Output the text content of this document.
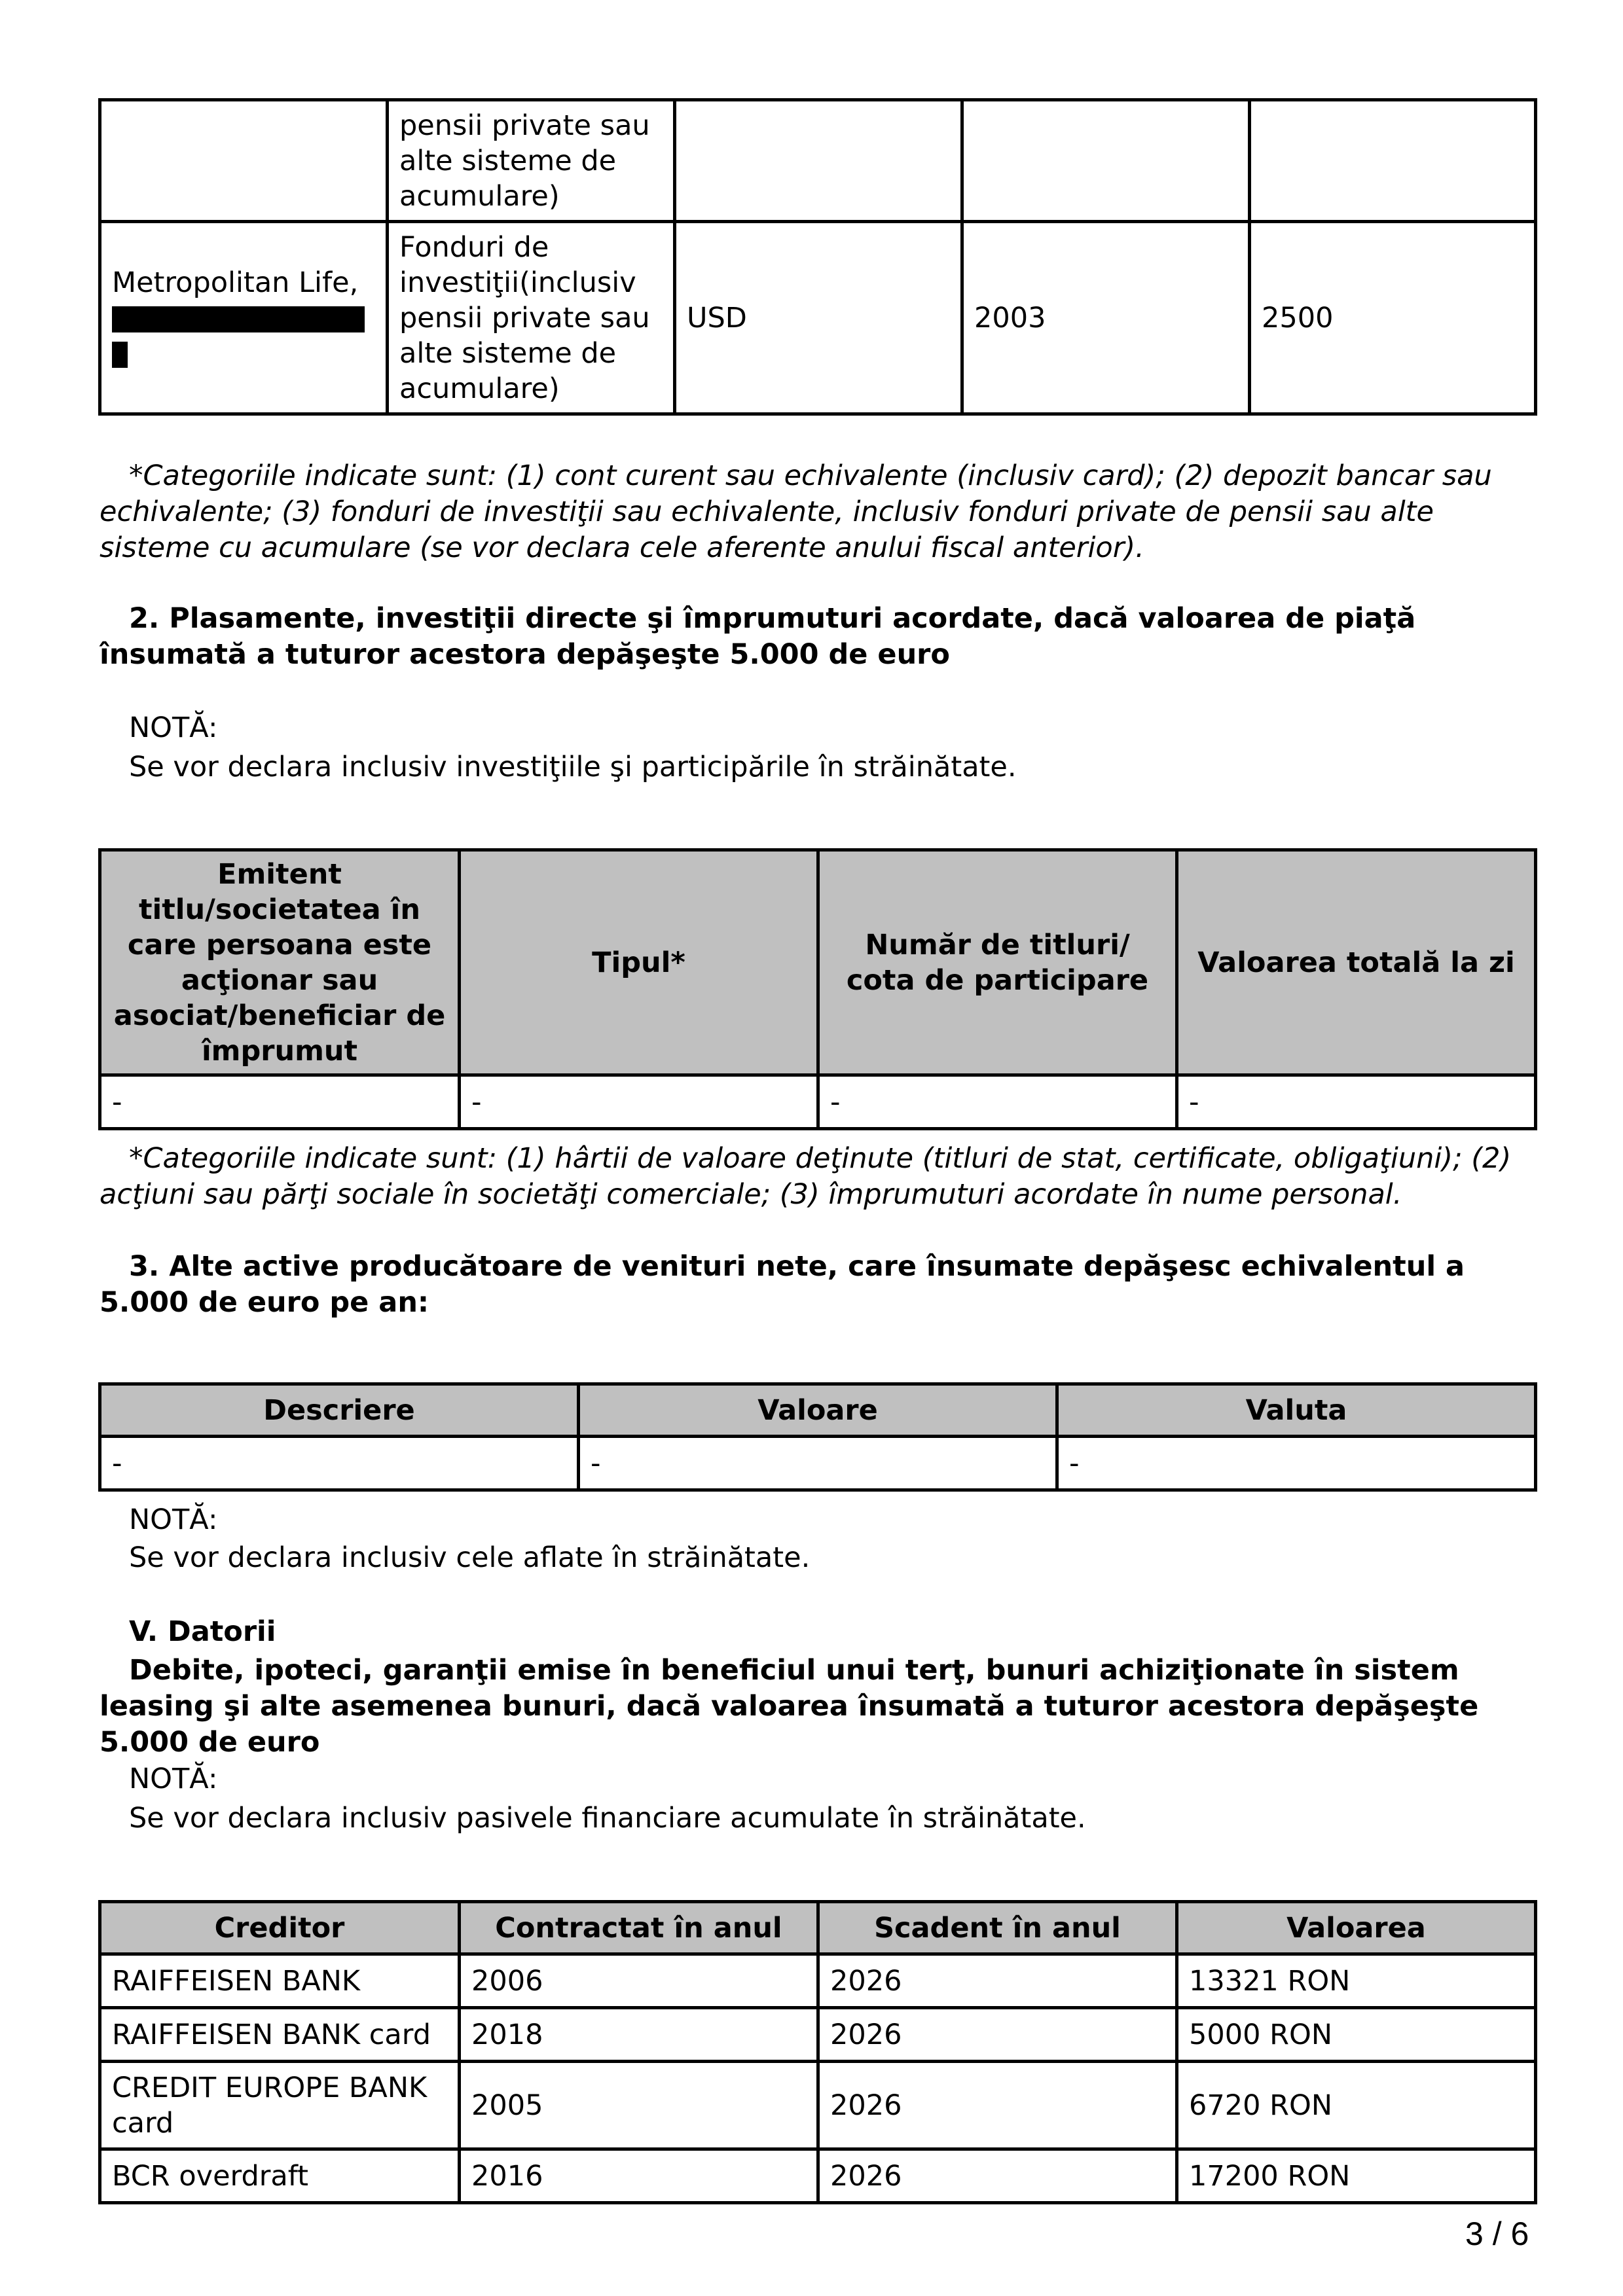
	pensii private sau alte sisteme de acumulare)			
Metropolitan Life,	Fonduri de investiţii(inclusiv pensii private sau alte sisteme de acumulare)	USD	2003	2500
*Categoriile indicate sunt: (1) cont curent sau echivalente (inclusiv card); (2) depozit bancar sau echivalente; (3) fonduri de investiţii sau echivalente, inclusiv fonduri private de pensii sau alte sisteme cu acumulare (se vor declara cele aferente anului fiscal anterior).
2. Plasamente, investiţii directe şi împrumuturi acordate, dacă valoarea de piaţă însumată a tuturor acestora depăşeşte 5.000 de euro
NOTĂ:
Se vor declara inclusiv investiţiile şi participările în străinătate.
Emitent titlu/societatea în care persoana este acţionar sau asociat/beneficiar de împrumut	Tipul*	Număr de titluri/ cota de participare	Valoarea totală la zi
-	-	-	-
*Categoriile indicate sunt: (1) hârtii de valoare deţinute (titluri de stat, certificate, obligaţiuni); (2) acţiuni sau părţi sociale în societăţi comerciale; (3) împrumuturi acordate în nume personal.
3. Alte active producătoare de venituri nete, care însumate depăşesc echivalentul a 5.000 de euro pe an:
Descriere	Valoare	Valuta
-	-	-
NOTĂ:
Se vor declara inclusiv cele aflate în străinătate.
V. Datorii
Debite, ipoteci, garanţii emise în beneficiul unui terţ, bunuri achiziţionate în sistem leasing şi alte asemenea bunuri, dacă valoarea însumată a tuturor acestora depăşeşte 5.000 de euro
NOTĂ:
Se vor declara inclusiv pasivele financiare acumulate în străinătate.
Creditor	Contractat în anul	Scadent în anul	Valoarea
RAIFFEISEN BANK	2006	2026	13321 RON
RAIFFEISEN BANK card	2018	2026	5000 RON
CREDIT EUROPE BANK card	2005	2026	6720 RON
BCR overdraft	2016	2026	17200 RON
3 / 6
